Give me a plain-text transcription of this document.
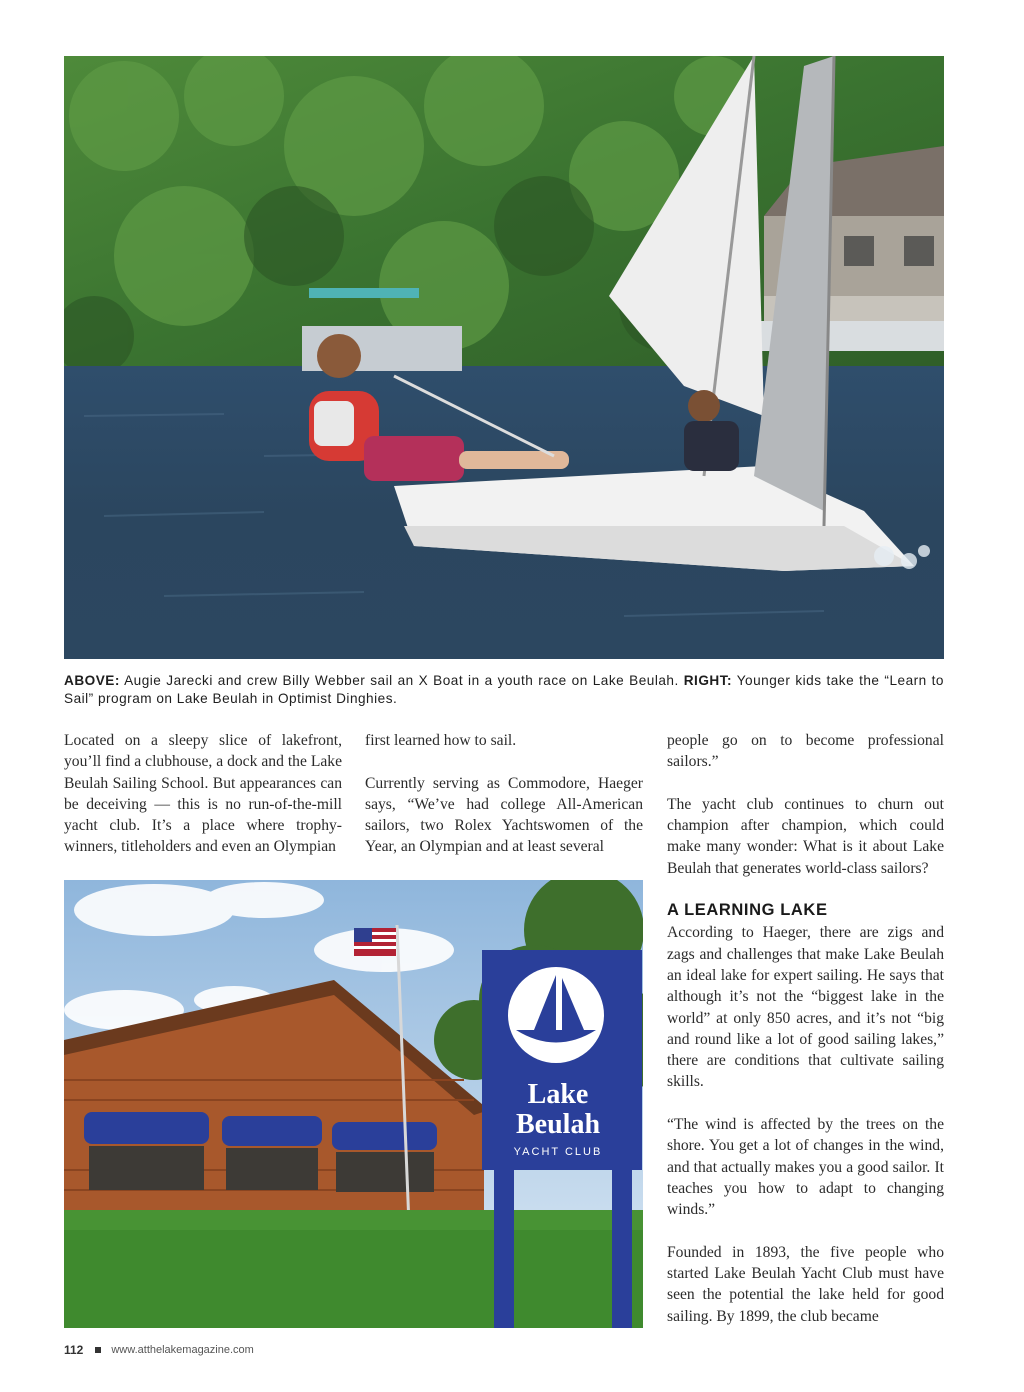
ABOVE: Augie Jarecki and crew Billy Webber sail an X Boat in a youth race on Lake Beulah. RIGHT: Younger kids take the “Learn to Sail” program on Lake Beulah in Optimist Dinghies.

Located on a sleepy slice of lakefront, you’ll find a clubhouse, a dock and the Lake Beulah Sailing School. But appearances can be deceiving — this is no run-of-the-mill yacht club. It’s a place where trophy-winners, titleholders and even an Olympian

first learned how to sail.

Currently serving as Commodore, Haeger says, “We’ve had college All-American sailors, two Rolex Yachtswomen of the Year, an Olympian and at least several

people go on to become professional sailors.”

The yacht club continues to churn out champion after champion, which could make many wonder: What is it about Lake Beulah that generates world-class sailors?

A LEARNING LAKE

According to Haeger, there are zigs and zags and challenges that make Lake Beulah an ideal lake for expert sailing. He says that although it’s not the “biggest lake in the world” at only 850 acres, and it’s not “big and round like a lot of good sailing lakes,” there are conditions that cultivate sailing skills.

“The wind is affected by the trees on the shore. You get a lot of changes in the wind, and that actually makes you a good sailor. It teaches you how to adapt to changing winds.”

Founded in 1893, the five people who started Lake Beulah Yacht Club must have seen the potential the lake held for good sailing. By 1899, the club became

Lake
Beulah
YACHT CLUB
112	www.atthelakemagazine.com
